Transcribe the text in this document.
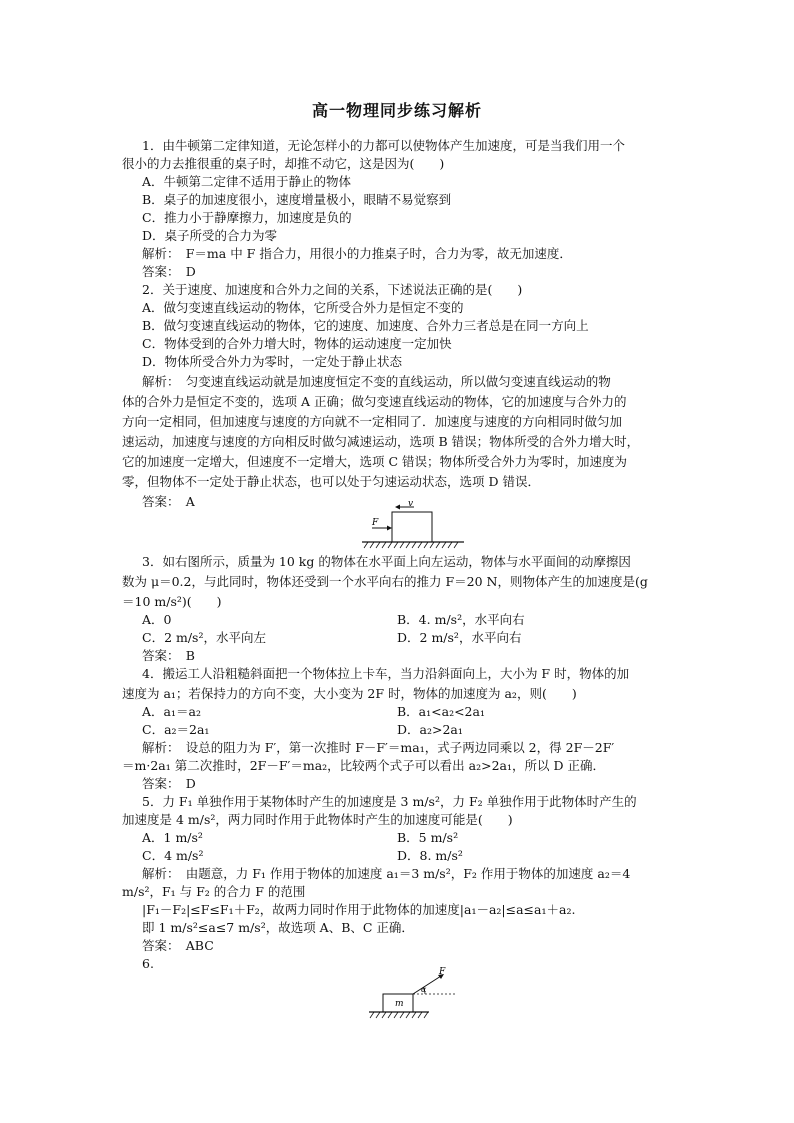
高一物理同步练习解析
1．由牛顿第二定律知道，无论怎样小的力都可以使物体产生加速度，可是当我们用一个
很小的力去推很重的桌子时，却推不动它，这是因为(　　)
A．牛顿第二定律不适用于静止的物体
B．桌子的加速度很小，速度增量极小，眼睛不易觉察到
C．推力小于静摩擦力，加速度是负的
D．桌子所受的合力为零
解析：　F＝ma 中 F 指合力，用很小的力推桌子时，合力为零，故无加速度．
答案：　D
2．关于速度、加速度和合外力之间的关系，下述说法正确的是(　　)
A．做匀变速直线运动的物体，它所受合外力是恒定不变的
B．做匀变速直线运动的物体，它的速度、加速度、合外力三者总是在同一方向上
C．物体受到的合外力增大时，物体的运动速度一定加快
D．物体所受合外力为零时，一定处于静止状态
解析：　匀变速直线运动就是加速度恒定不变的直线运动，所以做匀变速直线运动的物
体的合外力是恒定不变的，选项 A 正确；做匀变速直线运动的物体，它的加速度与合外力的
方向一定相同，但加速度与速度的方向就不一定相同了．加速度与速度的方向相同时做匀加
速运动，加速度与速度的方向相反时做匀减速运动，选项 B 错误；物体所受的合外力增大时，
它的加速度一定增大，但速度不一定增大，选项 C 错误；物体所受合外力为零时，加速度为
零，但物体不一定处于静止状态，也可以处于匀速运动状态，选项 D 错误．
答案：　A	v
F
3．如右图所示，质量为 10 kg 的物体在水平面上向左运动，物体与水平面间的动摩擦因
数为 μ＝0.2，与此同时，物体还受到一个水平向右的推力 F＝20 N，则物体产生的加速度是(g
＝10 m/s²)(　　)
A．0	B．4. m/s²，水平向右
C．2 m/s²，水平向左	D．2 m/s²，水平向右
答案：　B
4．搬运工人沿粗糙斜面把一个物体拉上卡车，当力沿斜面向上，大小为 F 时，物体的加
速度为 a₁；若保持力的方向不变，大小变为 2F 时，物体的加速度为 a₂，则(　　)
A．a₁＝a₂	B．a₁<a₂<2a₁
C．a₂＝2a₁	D．a₂>2a₁
解析：　设总的阻力为 F′，第一次推时 F－F′＝ma₁，式子两边同乘以 2，得 2F－2F′
＝m·2a₁ 第二次推时，2F－F′＝ma₂，比较两个式子可以看出 a₂>2a₁，所以 D 正确．
答案：　D
5．力 F₁ 单独作用于某物体时产生的加速度是 3 m/s²，力 F₂ 单独作用于此物体时产生的
加速度是 4 m/s²，两力同时作用于此物体时产生的加速度可能是(　　)
A．1 m/s²	B．5 m/s²
C．4 m/s²	D．8. m/s²
解析：　由题意，力 F₁ 作用于物体的加速度 a₁＝3 m/s²，F₂ 作用于物体的加速度 a₂＝4
m/s²，F₁ 与 F₂ 的合力 F 的范围
|F₁－F₂|≤F≤F₁＋F₂，故两力同时作用于此物体的加速度|a₁－a₂|≤a≤a₁＋a₂.
即 1 m/s²≤a≤7 m/s²，故选项 A、B、C 正确．
答案：　ABC
6.
F
α
m
